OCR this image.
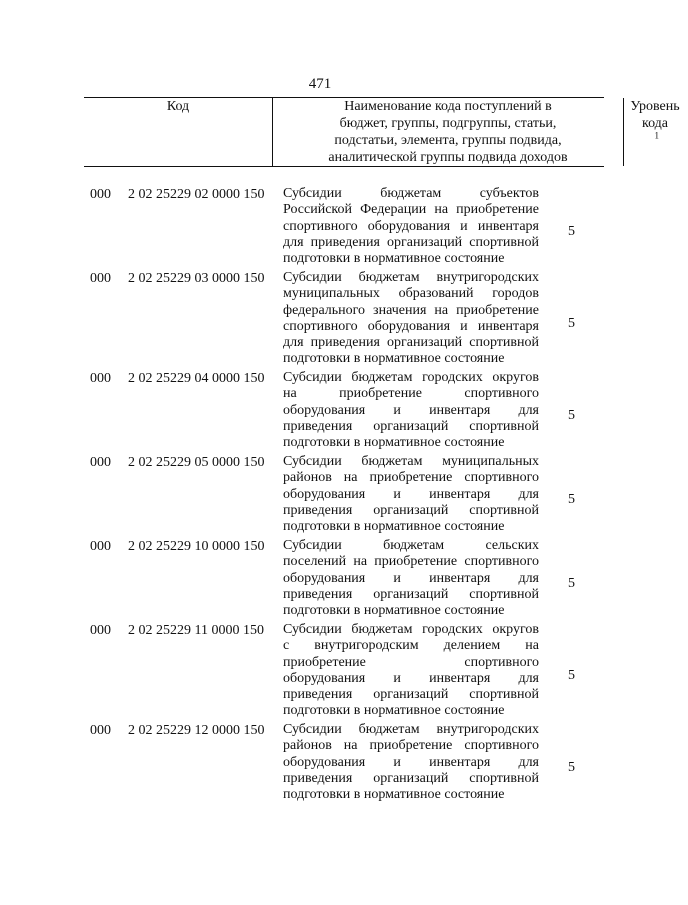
471
Код	Наименование кода поступлений в
бюджет, группы, подгруппы, статьи,
подстатьи, элемента, группы подвида,
аналитической группы подвида доходов
Уровень
кода
$^1$
000 2 02 25229 02 0000 150 Субсидии бюджетам субъектов
Российской Федерации на приобретение
спортивного оборудования и инвентаря
для приведения организаций спортивной
подготовки в нормативное состояние
5
000 2 02 25229 03 0000 150 Субсидии бюджетам внутригородских
муниципальных образований городов
федерального значения на приобретение
спортивного оборудования и инвентаря
для приведения организаций спортивной
подготовки в нормативное состояние
5
000 2 02 25229 04 0000 150 Субсидии бюджетам городских округов
на приобретение спортивного
оборудования и инвентаря для
приведения организаций спортивной
подготовки в нормативное состояние
5
000 2 02 25229 05 0000 150 Субсидии бюджетам муниципальных
районов на приобретение спортивного
оборудования и инвентаря для
приведения организаций спортивной
подготовки в нормативное состояние
5
000 2 02 25229 10 0000 150 Субсидии бюджетам сельских
поселений на приобретение спортивного
оборудования и инвентаря для
приведения организаций спортивной
подготовки в нормативное состояние
5
000 2 02 25229 11 0000 150 Субсидии бюджетам городских округов
с внутригородским делением на
приобретение спортивного
оборудования и инвентаря для
приведения организаций спортивной
подготовки в нормативное состояние
5
000 2 02 25229 12 0000 150 Субсидии бюджетам внутригородских
районов на приобретение спортивного
оборудования и инвентаря для
приведения организаций спортивной
подготовки в нормативное состояние
5
